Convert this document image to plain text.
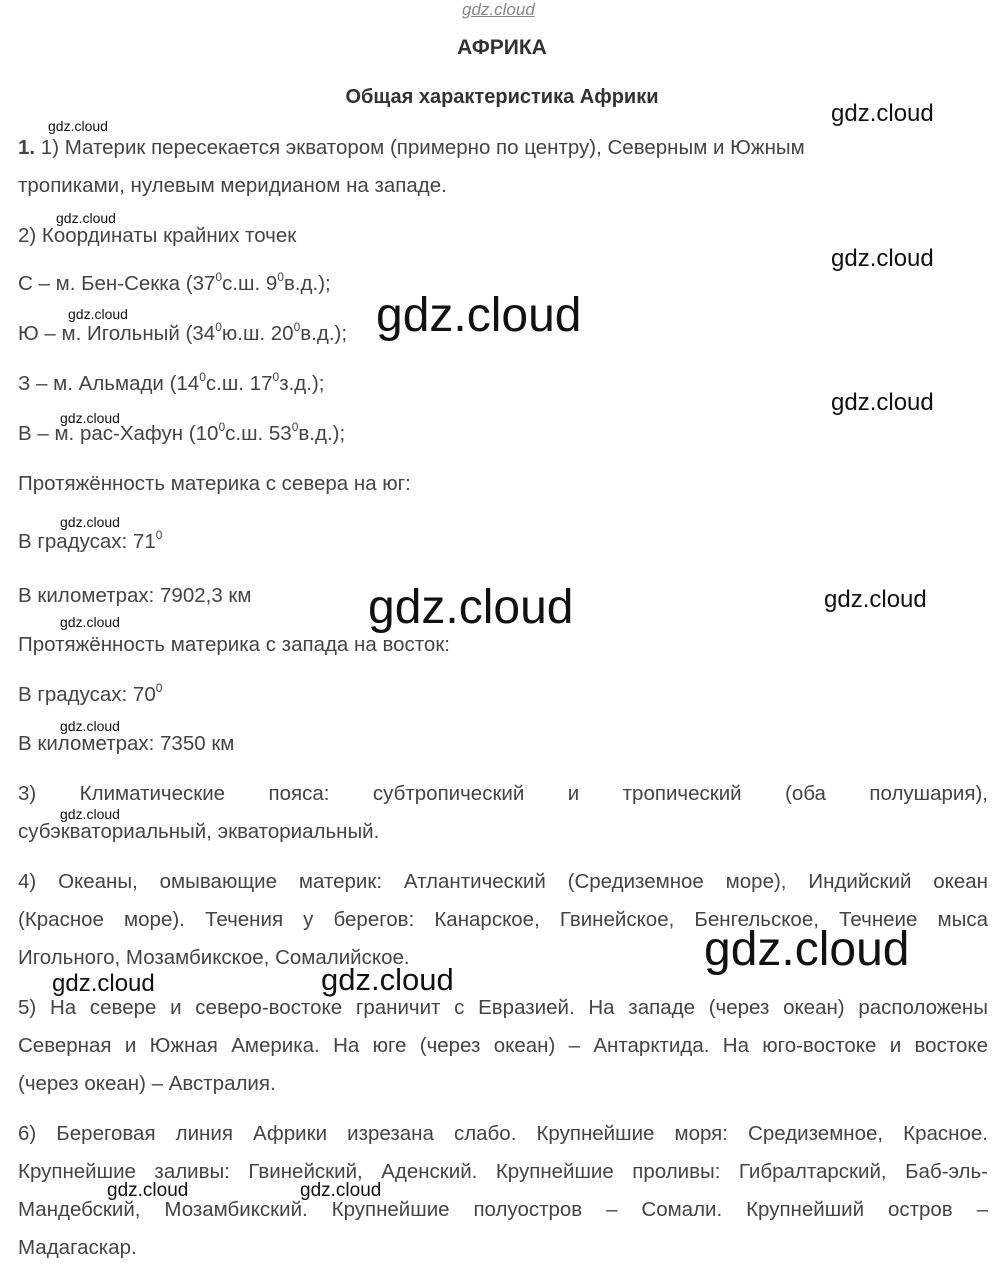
gdz.cloud
gdz.cloud
gdz.cloud
gdz.cloud
gdz.cloud
gdz.cloud
gdz.cloud
gdz.cloud
gdz.cloud
gdz.cloud
gdz.cloud	gdz.cloud
gdz.cloud
gdz.cloud
gdz.cloud
gdz.cloud
gdz.cloud	gdz.cloud
gdz.cloud	gdz.cloud
АФРИКА
Общая характеристика Африки
1. 1) Материк пересекается экватором (примерно по центру), Северным и Южным
тропиками, нулевым меридианом на западе.
2) Координаты крайних точек
С – м. Бен-Секка ($37^0с.ш$. $9^0в.д$.);
Ю – м. Игольный ($34^0ю.ш$. $20^0в.д$.);
З – м. Альмади ($14^0с.ш$. $17^0з.д$.);
В – м. рас-Хафун ($10^0с.ш$. $53^0в.д$.);
Протяжённость материка с севера на юг:
В градусах: $71^0$
В километрах: 7902,3 км
Протяжённость материка с запада на восток:
В градусах: $70^0$
В километрах: 7350 км
3) Климатические пояса: субтропический и тропический (оба полушария),
субэкваториальный, экваториальный.
4) Океаны, омывающие материк: Атлантический (Средиземное море), Индийский океан
(Красное море). Течения у берегов: Канарское, Гвинейское, Бенгельское, Течнеие мыса
Игольного, Мозамбикское, Сомалийское.
5) На севере и северо-востоке граничит с Евразией. На западе (через океан) расположены
Северная и Южная Америка. На юге (через океан) – Антарктида. На юго-востоке и востоке
(через океан) – Австралия.
6) Береговая линия Африки изрезана слабо. Крупнейшие моря: Средиземное, Красное.
Крупнейшие заливы: Гвинейский, Аденский. Крупнейшие проливы: Гибралтарский, Баб-эль-
Мандебский, Мозамбикский. Крупнейшие полуостров – Сомали. Крупнейший остров –
Мадагаскар.
